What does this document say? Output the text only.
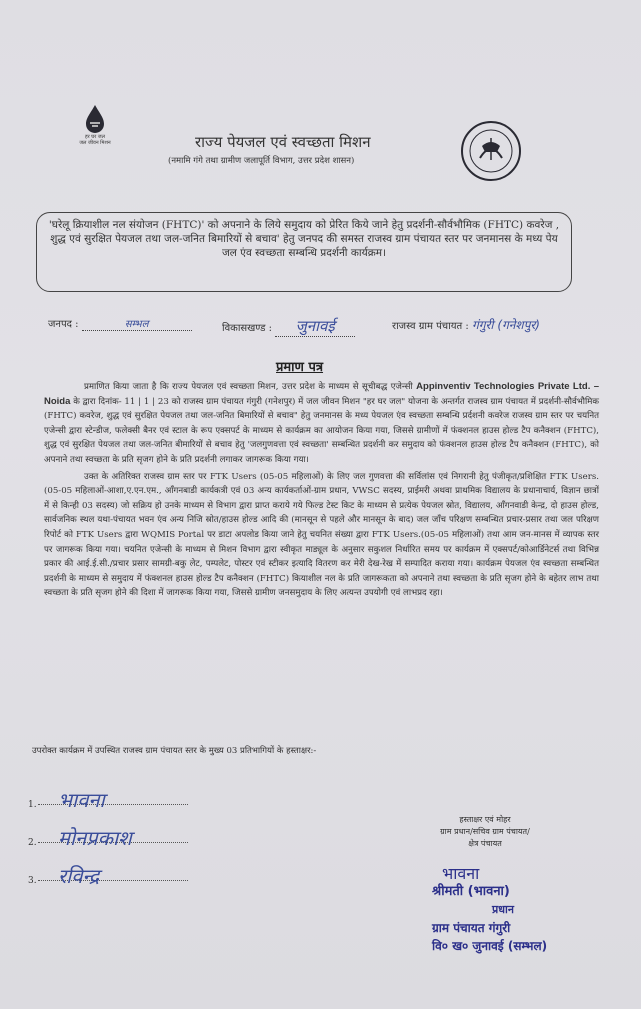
हर घर जल
जल जीवन मिशन	राज्य पेयजल एवं स्वच्छता मिशन
(नमामि गंगे तथा ग्रामीण जलापूर्ति विभाग, उत्तर प्रदेश शासन)
'घरेलू क्रियाशील नल संयोजन (FHTC)' को अपनाने के लिये समुदाय को प्रेरित किये जाने हेतु प्रदर्शनी-सौर्वभौमिक (FHTC) कवरेज , शुद्ध एवं सुरक्षित पेयजल तथा जल-जनित बिमारियों से बचाव' हेतु जनपद की समस्त राजस्व ग्राम पंचायत स्तर पर जनमानस के मध्य पेय जल एंव स्वच्छता सम्बन्धि प्रदर्शनी कार्यक्रम।
जनपद :	सम्भल	विकासखण्ड : जुनावई	राजस्व ग्राम पंचायत : गंगुरी (गनेशपुर)
प्रमाण पत्र

प्रमाणित किया जाता है कि राज्य पेयजल एवं स्वच्छता मिशन, उत्तर प्रदेश के माध्यम से सूचीबद्ध एजेन्सी Appinventiv Technologies Private Ltd. – Noida के द्वारा दिनांक- 11 | 1 | 23 को राजस्व ग्राम पंचायत गंगुरी (गनेशपुर) में जल जीवन मिशन "हर घर जल" योजना के अन्तर्गत राजस्व ग्राम पंचायत में प्रदर्शनी-सौर्वभौमिक (FHTC) कवरेज, शुद्ध एवं सुरक्षित पेयजल तथा जल-जनित बिमारियों से बचाव" हेतु जनमानस के मध्य पेयजल एंव स्वच्छता सम्बन्धि प्रर्दशनी कवरेज राजस्व ग्राम स्तर पर चयनित एजेन्सी द्वारा स्टेन्डीज, फलेक्सी बैनर एवं स्टाल के रूप एक्सपर्ट के माध्यम से कार्यक्रम का आयोजन किया गया, जिससे ग्रामीणों में फंक्शनल हाउस होल्ड टैप कनैक्शन (FHTC), शुद्ध एवं सुरक्षित पेयजल तथा जल-जनित बीमारियों से बचाव हेतु 'जलगुणवत्ता एवं स्वच्छता' सम्बन्धित प्रदर्शनी कर समुदाय को फंक्शनल हाउस होल्ड टैप कनैक्शन (FHTC), को अपनाने तथा स्वच्छता के प्रति सृजग होने के प्रति प्रदर्शनी लगाकर जागरूक किया गया।

उक्त के अतिरिक्त राजस्व ग्राम स्तर पर FTK Users (05-05 महिलाओं) के लिए जल गुणवत्ता की सर्विलांस एवं निगरानी हेतु पंजीकृत/प्रशिक्षित FTK Users.(05-05 महिलाओं-आशा,ए.एन.एम., आँगनबाडी कार्यकत्री एवं 03 अन्य कार्यकर्ताओं-ग्राम प्रधान, VWSC सदस्य, प्राईमरी अथवा प्राथमिक विद्यालय के प्रधानाचार्य, विज्ञान छात्रों में से किन्ही 03 सदस्य) जो सक्रिय हो उनके माध्यम से विभाग द्वारा प्राप्त कराये गये फिल्ड टेस्ट किट के माध्यम से प्रत्येक पेयजल स्रोत, विद्यालय, आँगनवाडी केन्द्र, दो हाउस होल्ड, सार्वजनिक स्थल यथा-पंचायत भवन एंव अन्य निजि स्रोत/हाउस होल्ड आदि की (मानसून से पहले और मानसून के बाद) जल जाँच परिक्षण सम्बन्धित प्रचार-प्रसार तथा जल परिक्षण रिपोर्ट को FTK Users द्वारा WQMIS Portal पर डाटा अपलोड किया जाने हेतु चयनित संख्या द्वारा FTK Users.(05-05 महिलाओं) तथा आम जन-मानस में व्यापक स्तर पर जागरूक किया गया। चयनित एजेन्सी के माध्यम से मिशन विभाग द्वारा स्वीकृत माड्यूल के अनुसार सकुशल निर्धारित समय पर कार्यक्रम में एक्सपर्ट/कोआर्डिनेटर्स तथा विभिन्न प्रकार की आई.ई.सी./प्रचार प्रसार सामग्री-बकु लेट, पम्पलेट, पोस्टर एवं स्टीकर इत्यादि वितरण कर मेरी देख-रेख में सम्पादित कराया गया। कार्यक्रम पेयजल एंव स्वच्छता सम्बन्धित प्रदर्शनी के माध्यम से समुदाय में फंक्शनल हाउस होल्ड टैप कनैक्शन (FHTC) कियाशील नल के प्रति जागरूकता को अपनाने तथा स्वच्छता के प्रति सृजग होने के बहेतर लाभ तथा स्वच्छता के प्रति सृजग होने की दिशा में जागरूक किया गया, जिससे ग्रामीण जनसमुदाय के लिए अत्यन्त उपयोगी एवं लाभप्रद रहा।

उपरोक्त कार्यक्रम में उपस्थित राजस्व ग्राम पंचायत स्तर के मुख्य 03 प्रतिभागियों के हस्ताक्षर:-
1. भावना
2. मोनप्रकाश
3. रविन्द्र
हस्ताक्षर एवं मोहर
ग्राम प्रधान/सचिव ग्राम पंचायत/
क्षेत्र पंचायत
भावना
श्रीमती (भावना)
प्रधान
ग्राम पंचायत गंगुरी
वि० ख० जुनावई (सम्भल)
